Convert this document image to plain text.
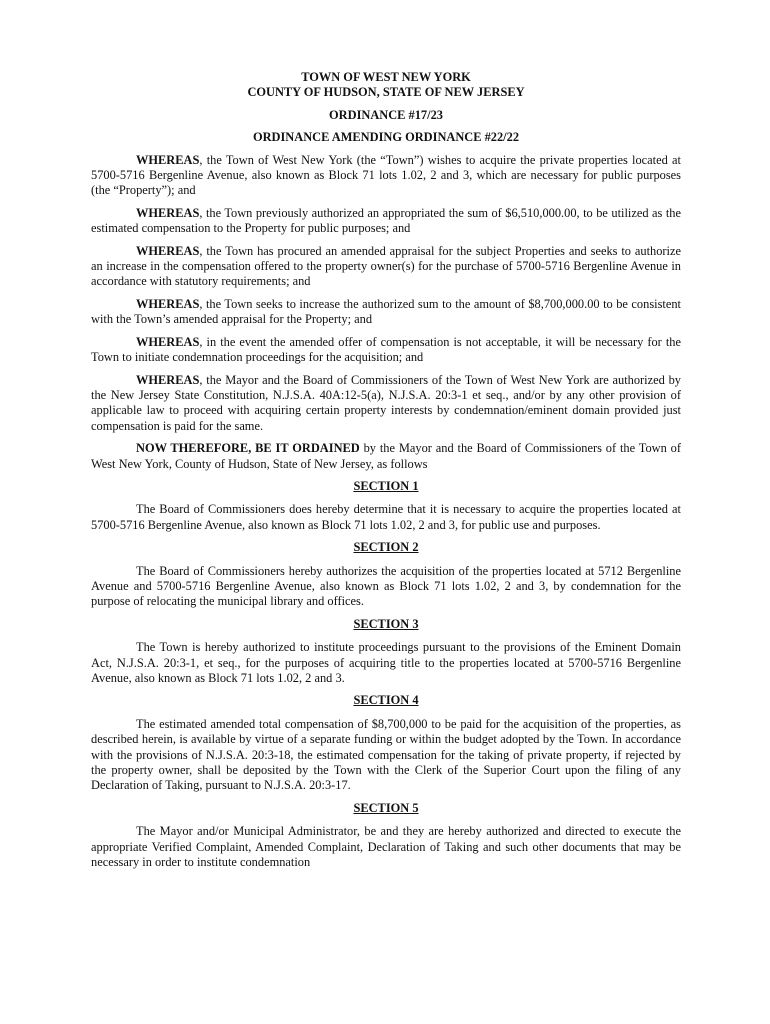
TOWN OF WEST NEW YORK
COUNTY OF HUDSON, STATE OF NEW JERSEY
ORDINANCE #17/23
ORDINANCE AMENDING ORDINANCE #22/22

WHEREAS, the Town of West New York (the “Town”) wishes to acquire the private properties located at 5700-5716 Bergenline Avenue, also known as Block 71 lots 1.02, 2 and 3, which are necessary for public purposes (the “Property”); and

WHEREAS, the Town previously authorized an appropriated the sum of $6,510,000.00, to be utilized as the estimated compensation to the Property for public purposes; and

WHEREAS, the Town has procured an amended appraisal for the subject Properties and seeks to authorize an increase in the compensation offered to the property owner(s) for the purchase of 5700-5716 Bergenline Avenue in accordance with statutory requirements; and

WHEREAS, the Town seeks to increase the authorized sum to the amount of $8,700,000.00 to be consistent with the Town’s amended appraisal for the Property; and

WHEREAS, in the event the amended offer of compensation is not acceptable, it will be necessary for the Town to initiate condemnation proceedings for the acquisition; and

WHEREAS, the Mayor and the Board of Commissioners of the Town of West New York are authorized by the New Jersey State Constitution, N.J.S.A. 40A:12-5(a), N.J.S.A. 20:3-1 et seq., and/or by any other provision of applicable law to proceed with acquiring certain property interests by condemnation/eminent domain provided just compensation is paid for the same.

NOW THEREFORE, BE IT ORDAINED by the Mayor and the Board of Commissioners of the Town of West New York, County of Hudson, State of New Jersey, as follows

SECTION 1

The Board of Commissioners does hereby determine that it is necessary to acquire the properties located at 5700-5716 Bergenline Avenue, also known as Block 71 lots 1.02, 2 and 3, for public use and purposes.

SECTION 2

The Board of Commissioners hereby authorizes the acquisition of the properties located at 5712 Bergenline Avenue and 5700-5716 Bergenline Avenue, also known as Block 71 lots 1.02, 2 and 3, by condemnation for the purpose of relocating the municipal library and offices.

SECTION 3

The Town is hereby authorized to institute proceedings pursuant to the provisions of the Eminent Domain Act, N.J.S.A. 20:3-1, et seq., for the purposes of acquiring title to the properties located at 5700-5716 Bergenline Avenue, also known as Block 71 lots 1.02, 2 and 3.

SECTION 4

The estimated amended total compensation of $8,700,000 to be paid for the acquisition of the properties, as described herein, is available by virtue of a separate funding or within the budget adopted by the Town. In accordance with the provisions of N.J.S.A. 20:3-18, the estimated compensation for the taking of private property, if rejected by the property owner, shall be deposited by the Town with the Clerk of the Superior Court upon the filing of any Declaration of Taking, pursuant to N.J.S.A. 20:3-17.

SECTION 5

The Mayor and/or Municipal Administrator, be and they are hereby authorized and directed to execute the appropriate Verified Complaint, Amended Complaint, Declaration of Taking and such other documents that may be necessary in order to institute condemnation
